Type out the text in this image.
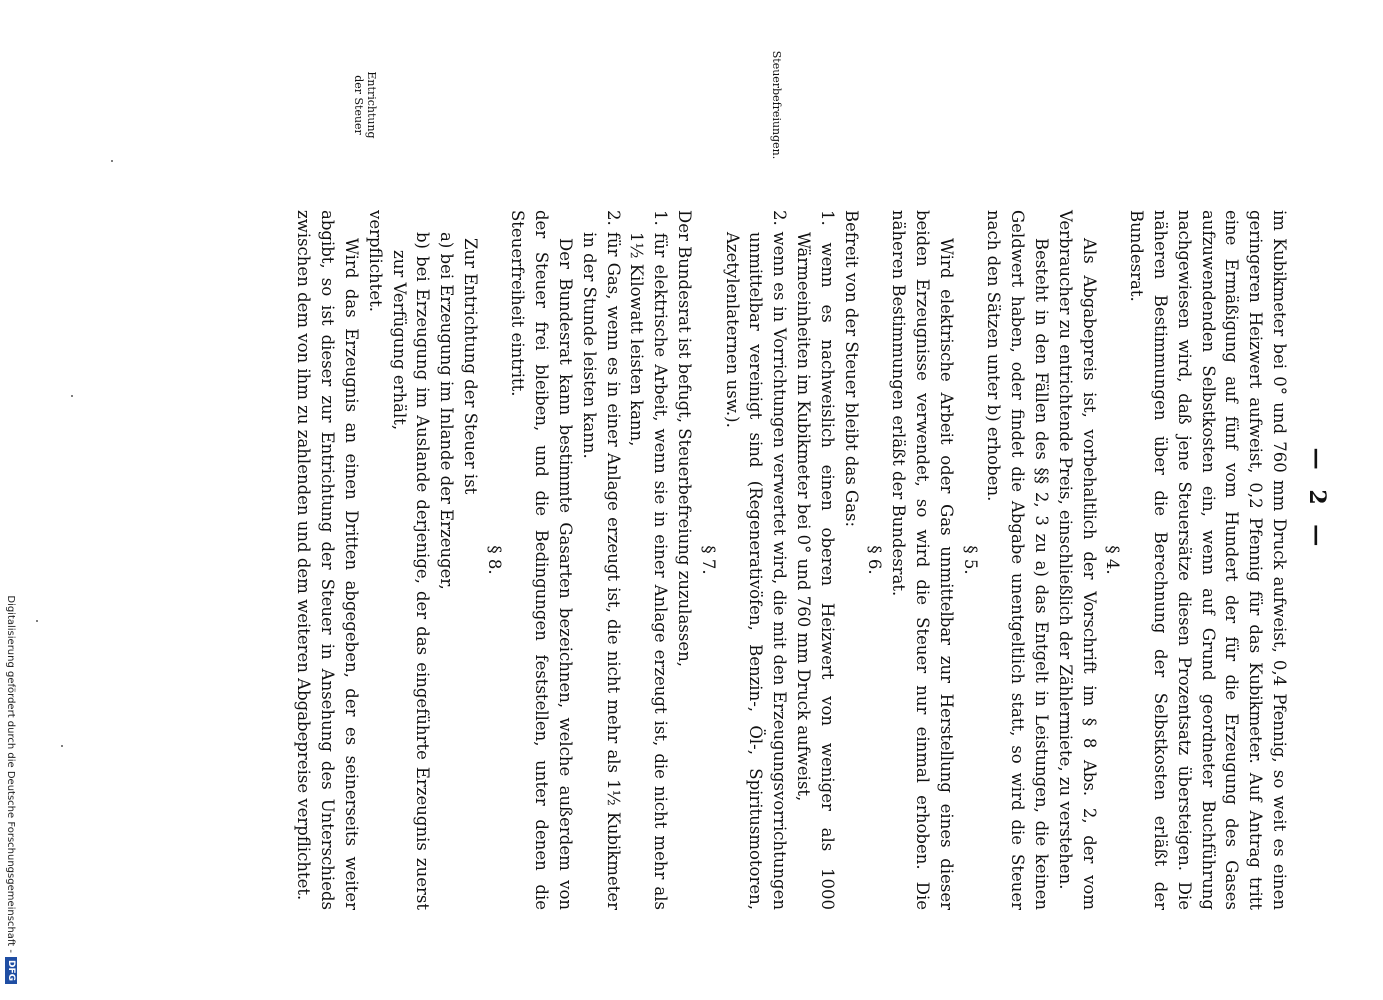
— 2 —

im Kubikmeter bei 0° und 760 mm Druck aufweist, 0,4 Pfennig, so weit es einen geringeren Heizwert aufweist, 0,2 Pfennig für das Kubikmeter. Auf Antrag tritt eine Ermäßigung auf fünf vom Hundert der für die Erzeugung des Gases aufzuwendenden Selbstkosten ein, wenn auf Grund geordneter Buchführung nachgewiesen wird, daß jene Steuersätze diesen Prozentsatz übersteigen. Die näheren Bestimmungen über die Berechnung der Selbstkosten erläßt der Bundesrat.

§ 4.

Als Abgabepreis ist, vorbehaltlich der Vorschrift im § 8 Abs. 2, der vom Verbraucher zu entrichtende Preis, einschließlich der Zählermiete, zu verstehen.

Besteht in den Fällen des §§ 2, 3 zu a) das Entgelt in Leistungen, die keinen Geldwert haben, oder findet die Abgabe unentgeltlich statt, so wird die Steuer nach den Sätzen unter b) erhoben.

§ 5.

Wird elektrische Arbeit oder Gas unmittelbar zur Herstellung eines dieser beiden Erzeugnisse verwendet, so wird die Steuer nur einmal erhoben. Die näheren Bestimmungen erläßt der Bundesrat.

§ 6.

Befreit von der Steuer bleibt das Gas:

1. wenn es nachweislich einen oberen Heizwert von weniger als 1000 Wärmeeinheiten im Kubikmeter bei 0° und 760 mm Druck aufweist,

2. wenn es in Vorrichtungen verwertet wird, die mit den Erzeugungsvorrichtungen unmittelbar vereinigt sind (Regenerativöfen, Benzin-, Öl-, Spiritusmotoren, Azetylenlaternen usw.).

§ 7.

Der Bundesrat ist befugt, Steuerbefreiung zuzulassen,

1. für elektrische Arbeit, wenn sie in einer Anlage erzeugt ist, die nicht mehr als 1½ Kilowatt leisten kann,

2. für Gas, wenn es in einer Anlage erzeugt ist, die nicht mehr als 1½ Kubikmeter in der Stunde leisten kann.

Der Bundesrat kann bestimmte Gasarten bezeichnen, welche außerdem von der Steuer frei bleiben, und die Bedingungen feststellen, unter denen die Steuerfreiheit eintritt.

§ 8.

Zur Entrichtung der Steuer ist

a) bei Erzeugung im Inlande der Erzeuger,

b) bei Erzeugung im Auslande derjenige, der das eingeführte Erzeugnis zuerst zur Verfügung erhält,

verpflichtet.

Wird das Erzeugnis an einen Dritten abgegeben, der es seinerseits weiter abgibt, so ist dieser zur Entrichtung der Steuer in Ansehung des Unterschieds zwischen dem von ihm zu zahlenden und dem weiteren Abgabepreise verpflichtet.

Steuerbefreiungen.
Entrichtung
der Steuer
Digitalisierung gefördert durch die Deutsche Forschungsgemeinschaft -
DFG
